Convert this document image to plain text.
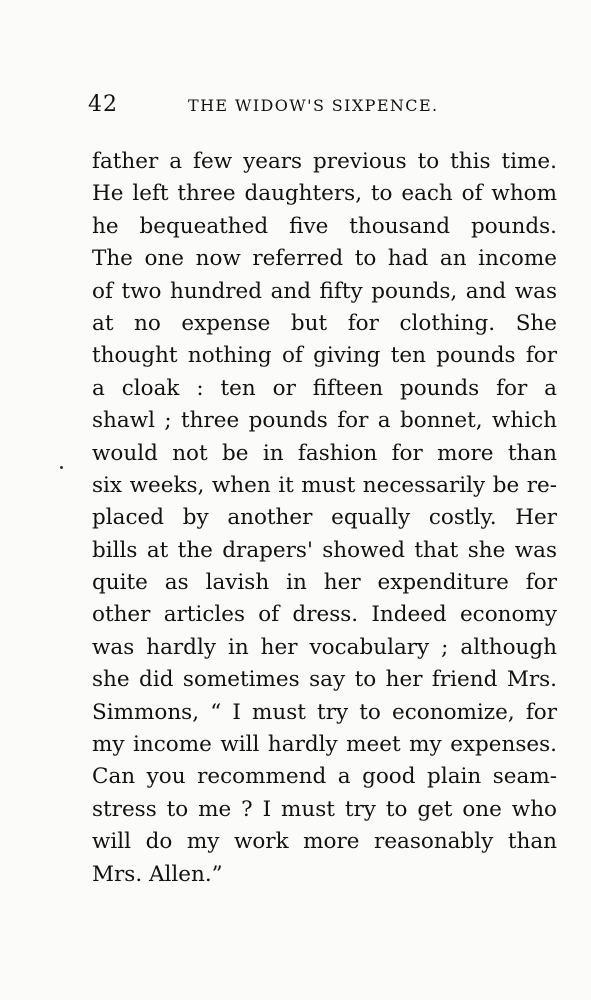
42	THE WIDOW'S SIXPENCE.
father a few years previous to this time.
He left three daughters, to each of whom
he bequeathed five thousand pounds.
The one now referred to had an income
of two hundred and fifty pounds, and was
at no expense but for clothing. She
thought nothing of giving ten pounds for
a cloak : ten or fifteen pounds for a
shawl ; three pounds for a bonnet, which
would not be in fashion for more than
six weeks, when it must necessarily be re-
placed by another equally costly. Her
bills at the drapers' showed that she was
quite as lavish in her expenditure for
other articles of dress. Indeed economy
was hardly in her vocabulary ; although
she did sometimes say to her friend Mrs.
Simmons, “ I must try to economize, for
my income will hardly meet my expenses.
Can you recommend a good plain seam-
stress to me ? I must try to get one who
will do my work more reasonably than
Mrs. Allen.”
